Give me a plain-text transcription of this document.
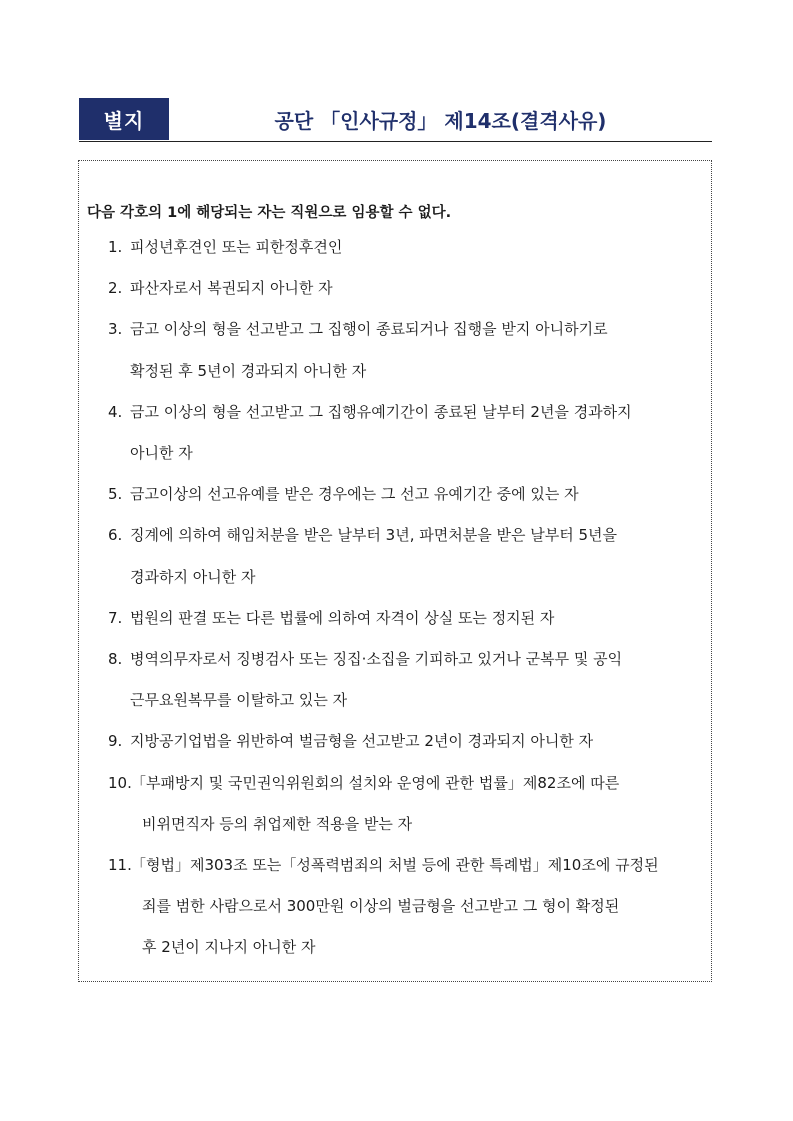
별지	공단 「인사규정」 제14조(결격사유)
다음 각호의 1에 해당되는 자는 직원으로 임용할 수 없다.
1. 피성년후견인 또는 피한정후견인
2. 파산자로서 복권되지 아니한 자
3. 금고 이상의 형을 선고받고 그 집행이 종료되거나 집행을 받지 아니하기로
확정된 후 5년이 경과되지 아니한 자
4. 금고 이상의 형을 선고받고 그 집행유예기간이 종료된 날부터 2년을 경과하지
아니한 자
5. 금고이상의 선고유예를 받은 경우에는 그 선고 유예기간 중에 있는 자
6. 징계에 의하여 해임처분을 받은 날부터 3년, 파면처분을 받은 날부터 5년을
경과하지 아니한 자
7. 법원의 판결 또는 다른 법률에 의하여 자격이 상실 또는 정지된 자
8. 병역의무자로서 징병검사 또는 징집·소집을 기피하고 있거나 군복무 및 공익
근무요원복무를 이탈하고 있는 자
9. 지방공기업법을 위반하여 벌금형을 선고받고 2년이 경과되지 아니한 자
10. 「부패방지 및 국민권익위원회의 설치와 운영에 관한 법률」제82조에 따른
비위면직자 등의 취업제한 적용을 받는 자
11. 「형법」제303조 또는「성폭력범죄의 처벌 등에 관한 특례법」제10조에 규정된
죄를 범한 사람으로서 300만원 이상의 벌금형을 선고받고 그 형이 확정된
후 2년이 지나지 아니한 자
